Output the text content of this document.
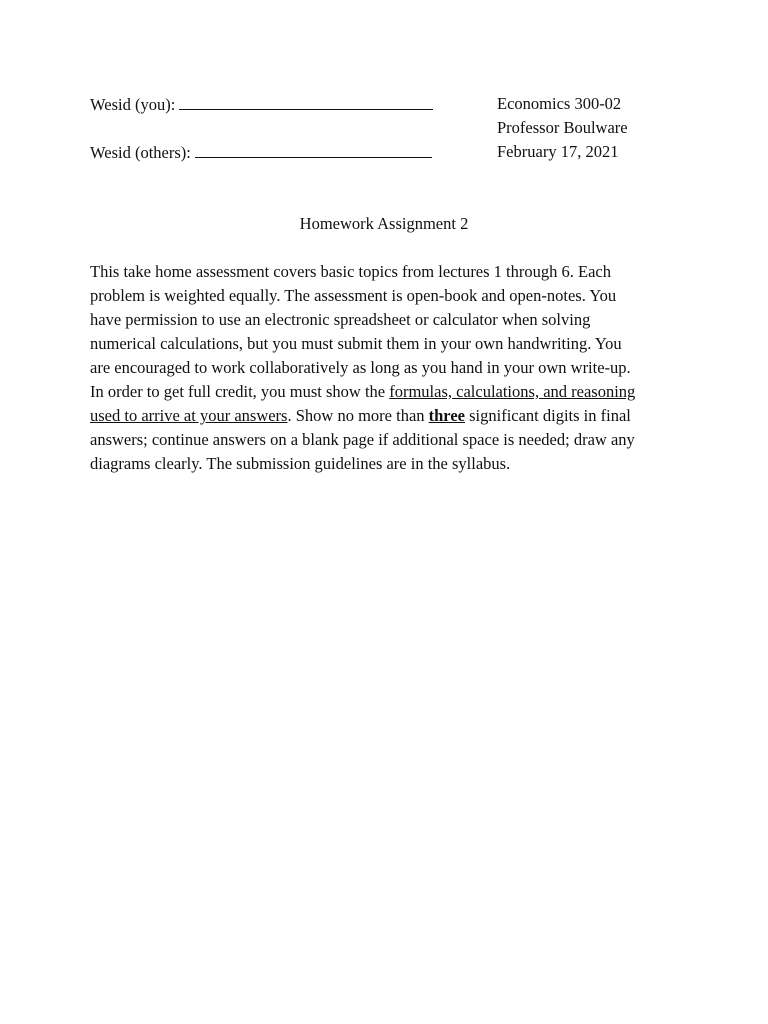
Wesid (you):
Wesid (others):
Economics 300-02
Professor Boulware
February 17, 2021
Homework Assignment 2
This take home assessment covers basic topics from lectures 1 through 6. Each
problem is weighted equally. The assessment is open-book and open-notes. You
have permission to use an electronic spreadsheet or calculator when solving
numerical calculations, but you must submit them in your own handwriting. You
are encouraged to work collaboratively as long as you hand in your own write-up.
In order to get full credit, you must show the formulas, calculations, and reasoning
used to arrive at your answers. Show no more than three significant digits in final
answers; continue answers on a blank page if additional space is needed; draw any
diagrams clearly. The submission guidelines are in the syllabus.
